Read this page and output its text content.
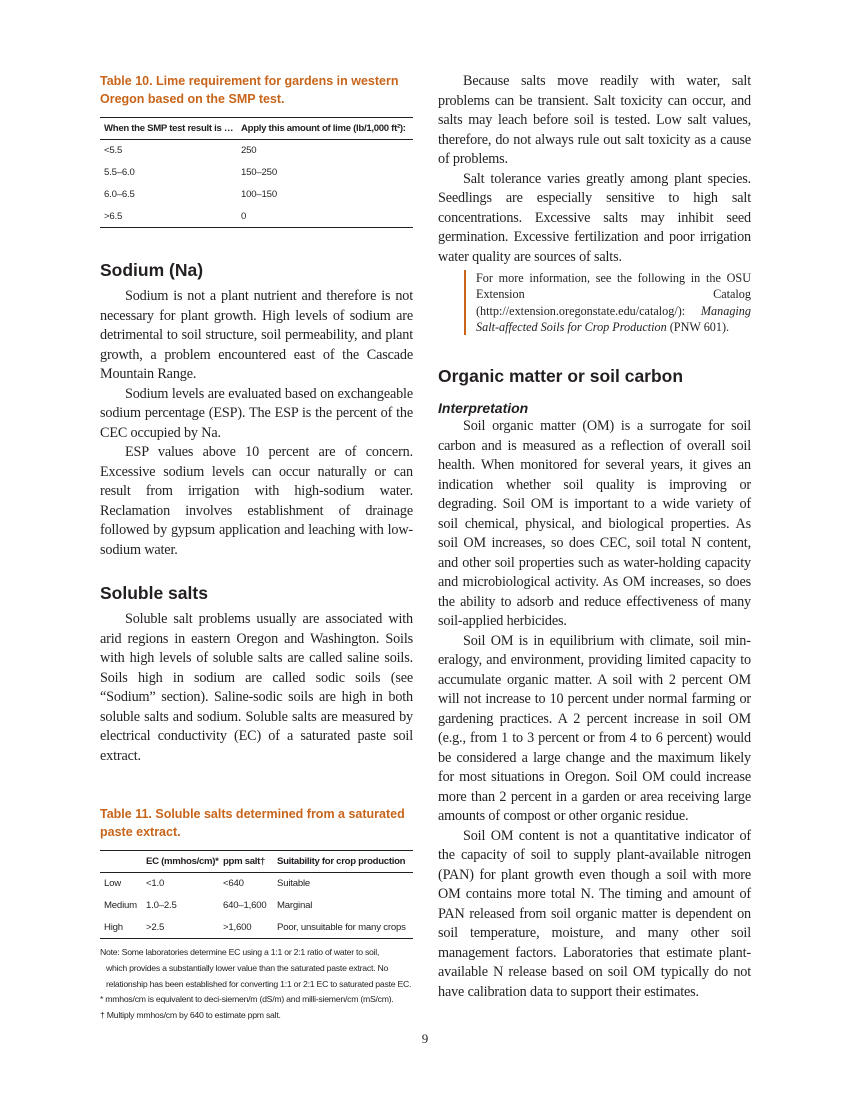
Table 10. Lime requirement for gardens in western Oregon based on the SMP test.
When the SMP test result is …	Apply this amount of lime (lb/1,000 ft²):
<5.5	250
5.5–6.0	150–250
6.0–6.5	100–150
>6.5	0
Sodium (Na)

Sodium is not a plant nutrient and therefore is not necessary for plant growth. High levels of sodium are detrimental to soil structure, soil permeability, and plant growth, a problem encountered east of the Cascade Mountain Range.

Sodium levels are evaluated based on exchangeable sodium percentage (ESP). The ESP is the percent of the CEC occupied by Na.

ESP values above 10 percent are of concern. Excessive sodium levels can occur naturally or can result from irrigation with high-sodium water. Reclamation involves establishment of drainage followed by gypsum application and leaching with low-sodium water.

Soluble salts

Soluble salt problems usually are associated with arid regions in eastern Oregon and Washington. Soils with high levels of soluble salts are called saline soils. Soils high in sodium are called sodic soils (see “Sodium” section). Saline-sodic soils are high in both soluble salts and sodium. Soluble salts are measured by electrical conductivity (EC) of a saturated paste soil extract.

Table 11. Soluble salts determined from a saturated paste extract.
	EC (mmhos/cm)*	ppm salt†	Suitability for crop production
Low	<1.0	<640	Suitable
Medium	1.0–2.5	640–1,600	Marginal
High	>2.5	>1,600	Poor, unsuitable for many crops
Note: Some laboratories determine EC using a 1:1 or 2:1 ratio of water to soil,
which provides a substantially lower value than the saturated paste extract. No
relationship has been established for converting 1:1 or 2:1 EC to saturated paste EC.
* mmhos/cm is equivalent to deci-siemen/m (dS/m) and milli-siemen/cm (mS/cm).
† Multiply mmhos/cm by 640 to estimate ppm salt.

Because salts move readily with water, salt problems can be transient. Salt toxicity can occur, and salts may leach before soil is tested. Low salt values, therefore, do not always rule out salt toxicity as a cause of problems.

Salt tolerance varies greatly among plant species. Seedlings are especially sensitive to high salt concentrations. Excessive salts may inhibit seed germination. Excessive fertilization and poor irrigation water quality are sources of salts.

For more information, see the following in the OSU Extension Catalog (http://extension.oregonstate.edu/catalog/): Managing Salt-affected Soils for Crop Production (PNW 601).
Organic matter or soil carbon
Interpretation

Soil organic matter (OM) is a surrogate for soil carbon and is measured as a reflection of overall soil health. When monitored for several years, it gives an indication whether soil quality is improving or degrading. Soil OM is important to a wide variety of soil chemical, physical, and biological properties. As soil OM increases, so does CEC, soil total N content, and other soil properties such as water-holding capacity and microbiological activity. As OM increases, so does the ability to adsorb and reduce effectiveness of many soil-applied herbicides.

Soil OM is in equilibrium with climate, soil mineralogy, and environment, providing limited capacity to accumulate organic matter. A soil with 2 percent OM will not increase to 10 percent under normal farming or gardening practices. A 2 percent increase in soil OM (e.g., from 1 to 3 percent or from 4 to 6 percent) would be considered a large change and the maximum likely for most situations in Oregon. Soil OM could increase more than 2 percent in a garden or area receiving large amounts of compost or other organic residue.

Soil OM content is not a quantitative indicator of the capacity of soil to supply plant-available nitrogen (PAN) for plant growth even though a soil with more OM contains more total N. The timing and amount of PAN released from soil organic matter is dependent on soil temperature, moisture, and many other soil management factors. Laboratories that estimate plant-available N release based on soil OM typically do not have calibration data to support their estimates.

9
